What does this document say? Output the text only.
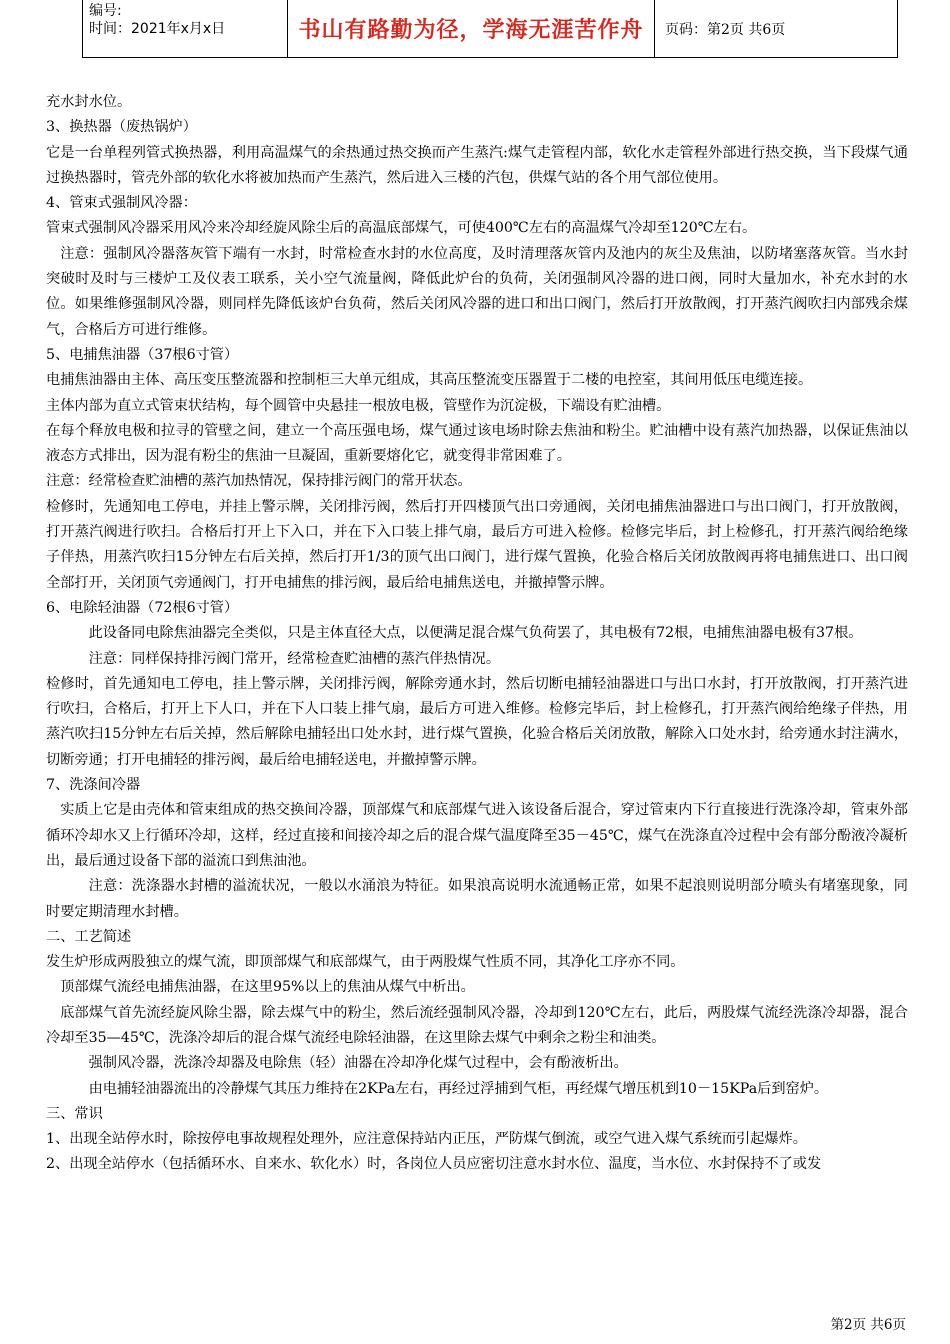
编号:
时间：2021年x月x日	书山有路勤为径，学海无涯苦作舟	页码：第2页 共6页

充水封水位。

3、换热器（废热锅炉）

它是一台单程列管式换热器，利用高温煤气的余热通过热交换而产生蒸汽:煤气走管程内部，软化水走管程外部进行热交换，当下段煤气通过换热器时，管壳外部的软化水将被加热而产生蒸汽，然后进入三楼的汽包，供煤气站的各个用气部位使用。

4、管束式强制风冷器：

管束式强制风冷器采用风冷来冷却经旋风除尘后的高温底部煤气，可使400℃左右的高温煤气冷却至120℃左右。

注意：强制风冷器落灰管下端有一水封，时常检查水封的水位高度，及时清理落灰管内及池内的灰尘及焦油，以防堵塞落灰管。当水封突破时及时与三楼炉工及仪表工联系，关小空气流量阀，降低此炉台的负荷，关闭强制风冷器的进口阀，同时大量加水，补充水封的水位。如果维修强制风冷器，则同样先降低该炉台负荷，然后关闭风冷器的进口和出口阀门，然后打开放散阀，打开蒸汽阀吹扫内部残余煤气，合格后方可进行维修。

5、电捕焦油器（37根6寸管）

电捕焦油器由主体、高压变压整流器和控制柜三大单元组成，其高压整流变压器置于二楼的电控室，其间用低压电缆连接。

主体内部为直立式管束状结构，每个圆管中央悬挂一根放电极，管壁作为沉淀极，下端设有贮油槽。

在每个释放电极和拉寻的管壁之间，建立一个高压强电场，煤气通过该电场时除去焦油和粉尘。贮油槽中设有蒸汽加热器，以保证焦油以液态方式排出，因为混有粉尘的焦油一旦凝固，重新要熔化它，就变得非常困难了。

注意：经常检查贮油槽的蒸汽加热情况，保持排污阀门的常开状态。

检修时，先通知电工停电，并挂上警示牌，关闭排污阀，然后打开四楼顶气出口旁通阀，关闭电捕焦油器进口与出口阀门，打开放散阀，打开蒸汽阀进行吹扫。合格后打开上下入口，并在下入口装上排气扇，最后方可进入检修。检修完毕后，封上检修孔，打开蒸汽阀给绝缘子伴热，用蒸汽吹扫15分钟左右后关掉，然后打开1/3的顶气出口阀门，进行煤气置换，化验合格后关闭放散阀再将电捕焦进口、出口阀全部打开，关闭顶气旁通阀门，打开电捕焦的排污阀，最后给电捕焦送电，并撤掉警示牌。

6、电除轻油器（72根6寸管）

此设备同电除焦油器完全类似，只是主体直径大点，以便满足混合煤气负荷罢了，其电极有72根，电捕焦油器电极有37根。

注意：同样保持排污阀门常开，经常检查贮油槽的蒸汽伴热情况。

检修时，首先通知电工停电，挂上警示牌，关闭排污阀，解除旁通水封，然后切断电捕轻油器进口与出口水封，打开放散阀，打开蒸汽进行吹扫，合格后，打开上下人口，并在下人口装上排气扇，最后方可进入维修。检修完毕后，封上检修孔，打开蒸汽阀给绝缘子伴热，用蒸汽吹扫15分钟左右后关掉，然后解除电捕轻出口处水封，进行煤气置换，化验合格后关闭放散，解除入口处水封，给旁通水封注满水，切断旁通；打开电捕轻的排污阀，最后给电捕轻送电，并撤掉警示牌。

7、洗涤间冷器

实质上它是由壳体和管束组成的热交换间冷器，顶部煤气和底部煤气进入该设备后混合，穿过管束内下行直接进行洗涤冷却，管束外部循环冷却水又上行循环冷却，这样，经过直接和间接冷却之后的混合煤气温度降至35－45℃，煤气在洗涤直冷过程中会有部分酚液冷凝析出，最后通过设备下部的溢流口到焦油池。

注意：洗涤器水封槽的溢流状况，一般以水涌浪为特征。如果浪高说明水流通畅正常，如果不起浪则说明部分喷头有堵塞现象，同时要定期清理水封槽。

二、工艺简述

发生炉形成两股独立的煤气流，即顶部煤气和底部煤气，由于两股煤气性质不同，其净化工序亦不同。

顶部煤气流经电捕焦油器，在这里95%以上的焦油从煤气中析出。

底部煤气首先流经旋风除尘器，除去煤气中的粉尘，然后流经强制风冷器，冷却到120℃左右，此后，两股煤气流经洗涤冷却器，混合冷却至35—45℃，洗涤冷却后的混合煤气流经电除轻油器，在这里除去煤气中剩余之粉尘和油类。

强制风冷器，洗涤冷却器及电除焦（轻）油器在冷却净化煤气过程中，会有酚液析出。

由电捕轻油器流出的冷静煤气其压力维持在2KPa左右，再经过浮捕到气柜，再经煤气增压机到10－15KPa后到窑炉。

三、常识

1、出现全站停水时，除按停电事故规程处理外，应注意保持站内正压，严防煤气倒流，或空气进入煤气系统而引起爆炸。

2、出现全站停水（包括循环水、自来水、软化水）时，各岗位人员应密切注意水封水位、温度，当水位、水封保持不了或发

第2页 共6页
